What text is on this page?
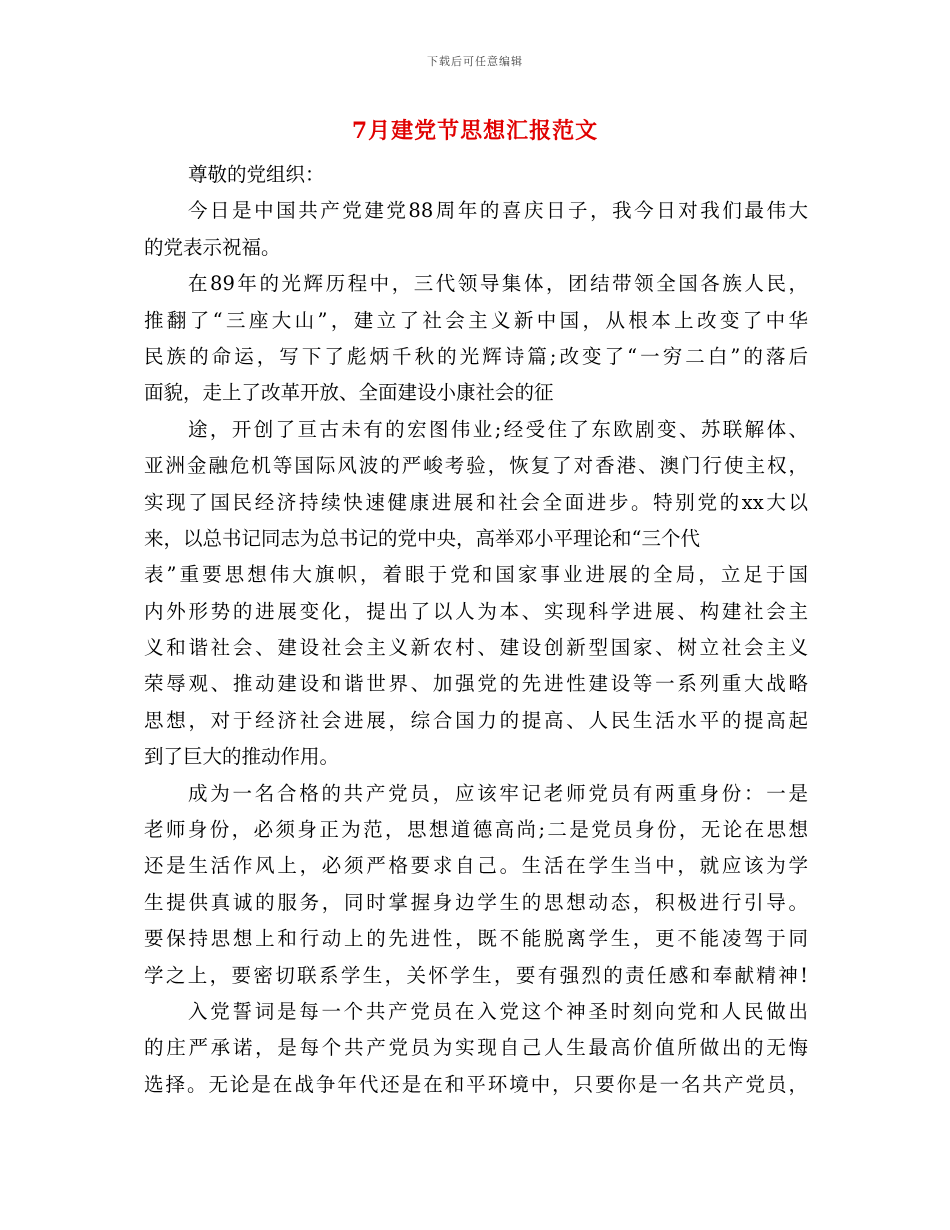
下载后可任意编辑
7月建党节思想汇报范文
尊敬的党组织：
今日是中国共产党建党88周年的喜庆日子，我今日对我们最伟大
的党表示祝福。
在89年的光辉历程中，三代领导集体，团结带领全国各族人民，
推翻了“三座大山”，建立了社会主义新中国，从根本上改变了中华
民族的命运，写下了彪炳千秋的光辉诗篇;改变了“一穷二白”的落后
面貌，走上了改革开放、全面建设小康社会的征
途，开创了亘古未有的宏图伟业;经受住了东欧剧变、苏联解体、
亚洲金融危机等国际风波的严峻考验，恢复了对香港、澳门行使主权，
实现了国民经济持续快速健康进展和社会全面进步。特别党的xx大以
来，以总书记同志为总书记的党中央，高举邓小平理论和“三个代
表”重要思想伟大旗帜，着眼于党和国家事业进展的全局，立足于国
内外形势的进展变化，提出了以人为本、实现科学进展、构建社会主
义和谐社会、建设社会主义新农村、建设创新型国家、树立社会主义
荣辱观、推动建设和谐世界、加强党的先进性建设等一系列重大战略
思想，对于经济社会进展，综合国力的提高、人民生活水平的提高起
到了巨大的推动作用。
成为一名合格的共产党员，应该牢记老师党员有两重身份：一是
老师身份，必须身正为范，思想道德高尚;二是党员身份，无论在思想
还是生活作风上，必须严格要求自己。生活在学生当中，就应该为学
生提供真诚的服务，同时掌握身边学生的思想动态，积极进行引导。
要保持思想上和行动上的先进性，既不能脱离学生，更不能凌驾于同
学之上，要密切联系学生，关怀学生，要有强烈的责任感和奉献精神!
入党誓词是每一个共产党员在入党这个神圣时刻向党和人民做出
的庄严承诺，是每个共产党员为实现自己人生最高价值所做出的无悔
选择。无论是在战争年代还是在和平环境中，只要你是一名共产党员，
